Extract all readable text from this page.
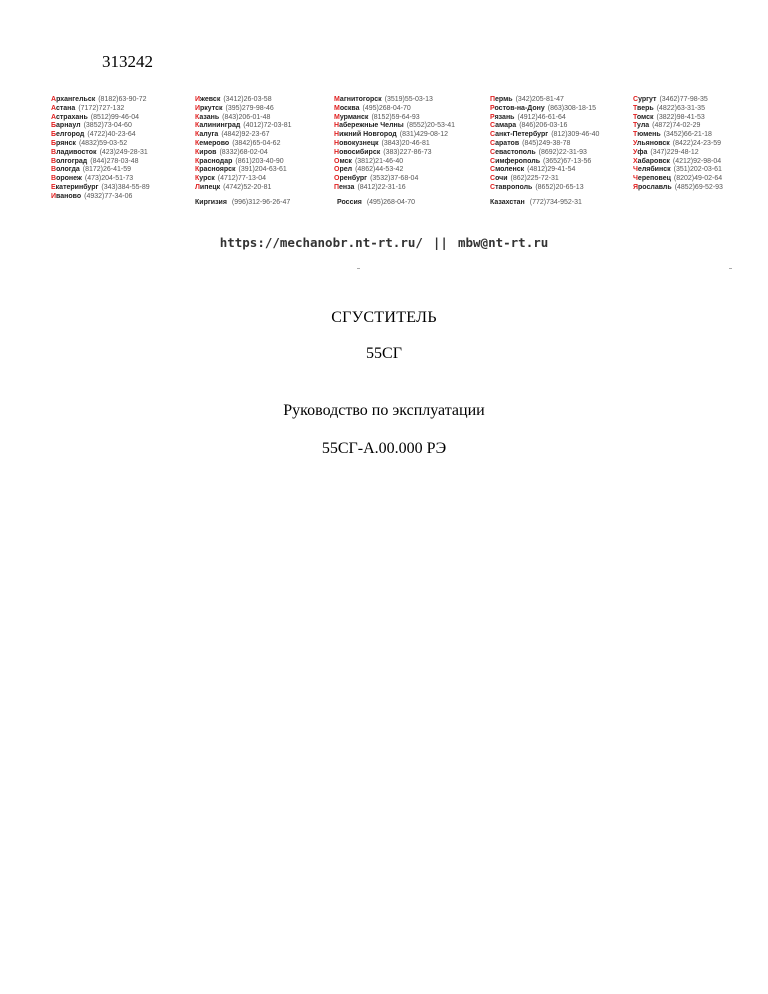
313242
Архангельск (8182)63-90-72
Астана (7172)727-132
Астрахань (8512)99-46-04
Барнаул (3852)73-04-60
Белгород (4722)40-23-64
Брянск (4832)59-03-52
Владивосток (423)249-28-31
Волгоград (844)278-03-48
Вологда (8172)26-41-59
Воронеж (473)204-51-73
Екатеринбург (343)384-55-89
Иваново (4932)77-34-06
Ижевск (3412)26-03-58
Иркутск (395)279-98-46
Казань (843)206-01-48
Калининград (4012)72-03-81
Калуга (4842)92-23-67
Кемерово (3842)65-04-62
Киров (8332)68-02-04
Краснодар (861)203-40-90
Красноярск (391)204-63-61
Курск (4712)77-13-04
Липецк (4742)52-20-81
Магнитогорск (3519)55-03-13
Москва (495)268-04-70
Мурманск (8152)59-64-93
Набережные Челны (8552)20-53-41
Нижний Новгород (831)429-08-12
Новокузнецк (3843)20-46-81
Новосибирск (383)227-86-73
Омск (3812)21-46-40
Орел (4862)44-53-42
Оренбург (3532)37-68-04
Пенза (8412)22-31-16
Пермь (342)205-81-47
Ростов-на-Дону (863)308-18-15
Рязань (4912)46-61-64
Самара (846)206-03-16
Санкт-Петербург (812)309-46-40
Саратов (845)249-38-78
Севастополь (8692)22-31-93
Симферополь (3652)67-13-56
Смоленск (4812)29-41-54
Сочи (862)225-72-31
Ставрополь (8652)20-65-13
Сургут (3462)77-98-35
Тверь (4822)63-31-35
Томск (3822)98-41-53
Тула (4872)74-02-29
Тюмень (3452)66-21-18
Ульяновск (8422)24-23-59
Уфа (347)229-48-12
Хабаровск (4212)92-98-04
Челябинск (351)202-03-61
Череповец (8202)49-02-64
Ярославль (4852)69-52-93
Киргизия (996)312-96-26-47	Россия (495)268-04-70	Казахстан (772)734-952-31
https://mechanobr.nt-rt.ru/ || mbw@nt-rt.ru
СГУСТИТЕЛЬ
55СГ
Руководство по эксплуатации
55СГ-А.00.000 РЭ
